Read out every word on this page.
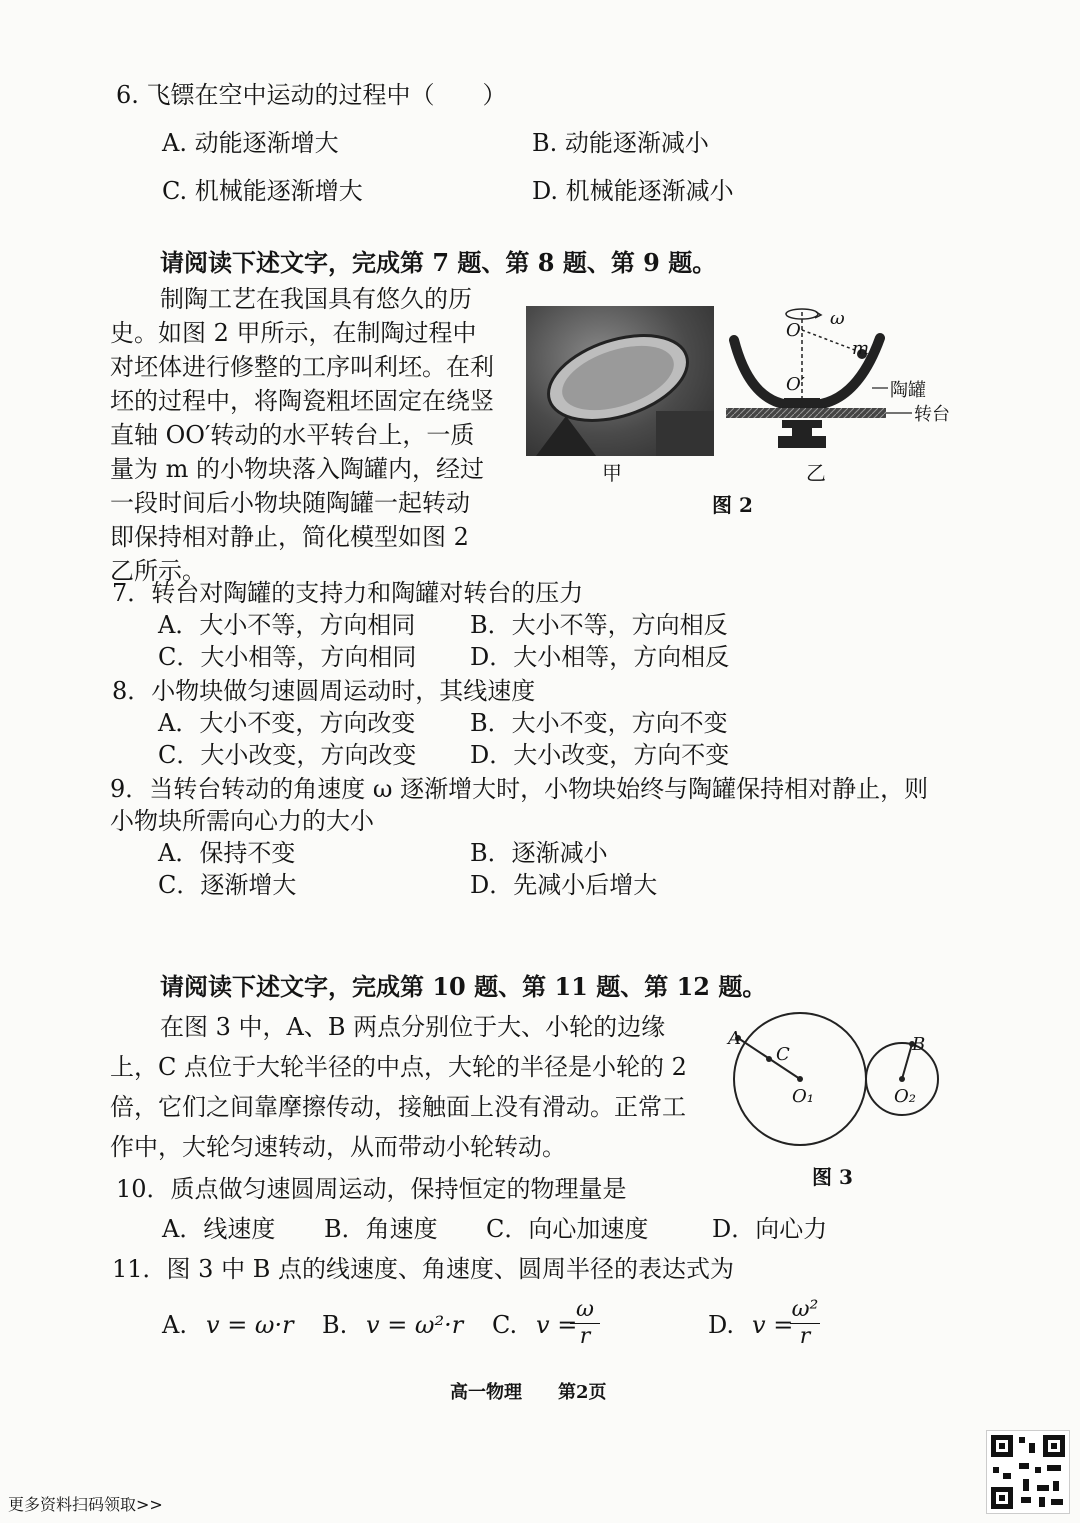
6. 飞镖在空中运动的过程中（　　）
A. 动能逐渐增大	B. 动能逐渐减小
C. 机械能逐渐增大	D. 机械能逐渐减小
请阅读下述文字，完成第 7 题、第 8 题、第 9 题。
制陶工艺在我国具有悠久的历
史。如图 2 甲所示，在制陶过程中
对坯体进行修整的工序叫利坯。在利
坯的过程中，将陶瓷粗坯固定在绕竖
直轴 OO′转动的水平转台上，一质
量为 m 的小物块落入陶罐内，经过
一段时间后小物块随陶罐一起转动
即保持相对静止，简化模型如图 2
乙所示。
甲
O
ω
m
O′	陶罐
转台
乙
图 2
7．转台对陶罐的支持力和陶罐对转台的压力
A．大小不等，方向相同 B．大小不等，方向相反
C．大小相等，方向相同 D．大小相等，方向相反
8．小物块做匀速圆周运动时，其线速度
A．大小不变，方向改变 B．大小不变，方向不变
C．大小改变，方向改变 D．大小改变，方向不变
9．当转台转动的角速度 ω 逐渐增大时，小物块始终与陶罐保持相对静止，则
小物块所需向心力的大小
A．保持不变	B．逐渐减小
C．逐渐增大	D．先减小后增大
请阅读下述文字，完成第 10 题、第 11 题、第 12 题。
在图 3 中，A、B 两点分别位于大、小轮的边缘
上，C 点位于大轮半径的中点，大轮的半径是小轮的 2
倍，它们之间靠摩擦传动，接触面上没有滑动。正常工
作中，大轮匀速转动，从而带动小轮转动。
A
C
O₁
B
O₂
图 3
10．质点做匀速圆周运动，保持恒定的物理量是
A．线速度 B．角速度 C．向心加速度	D．向心力
11．图 3 中 B 点的线速度、角速度、圆周半径的表达式为
A. v = ω·r B. v = ω²·r C. v =
ω
r	D. v =
ω²
r
高一物理　　第2页
更多资料扫码领取>>
